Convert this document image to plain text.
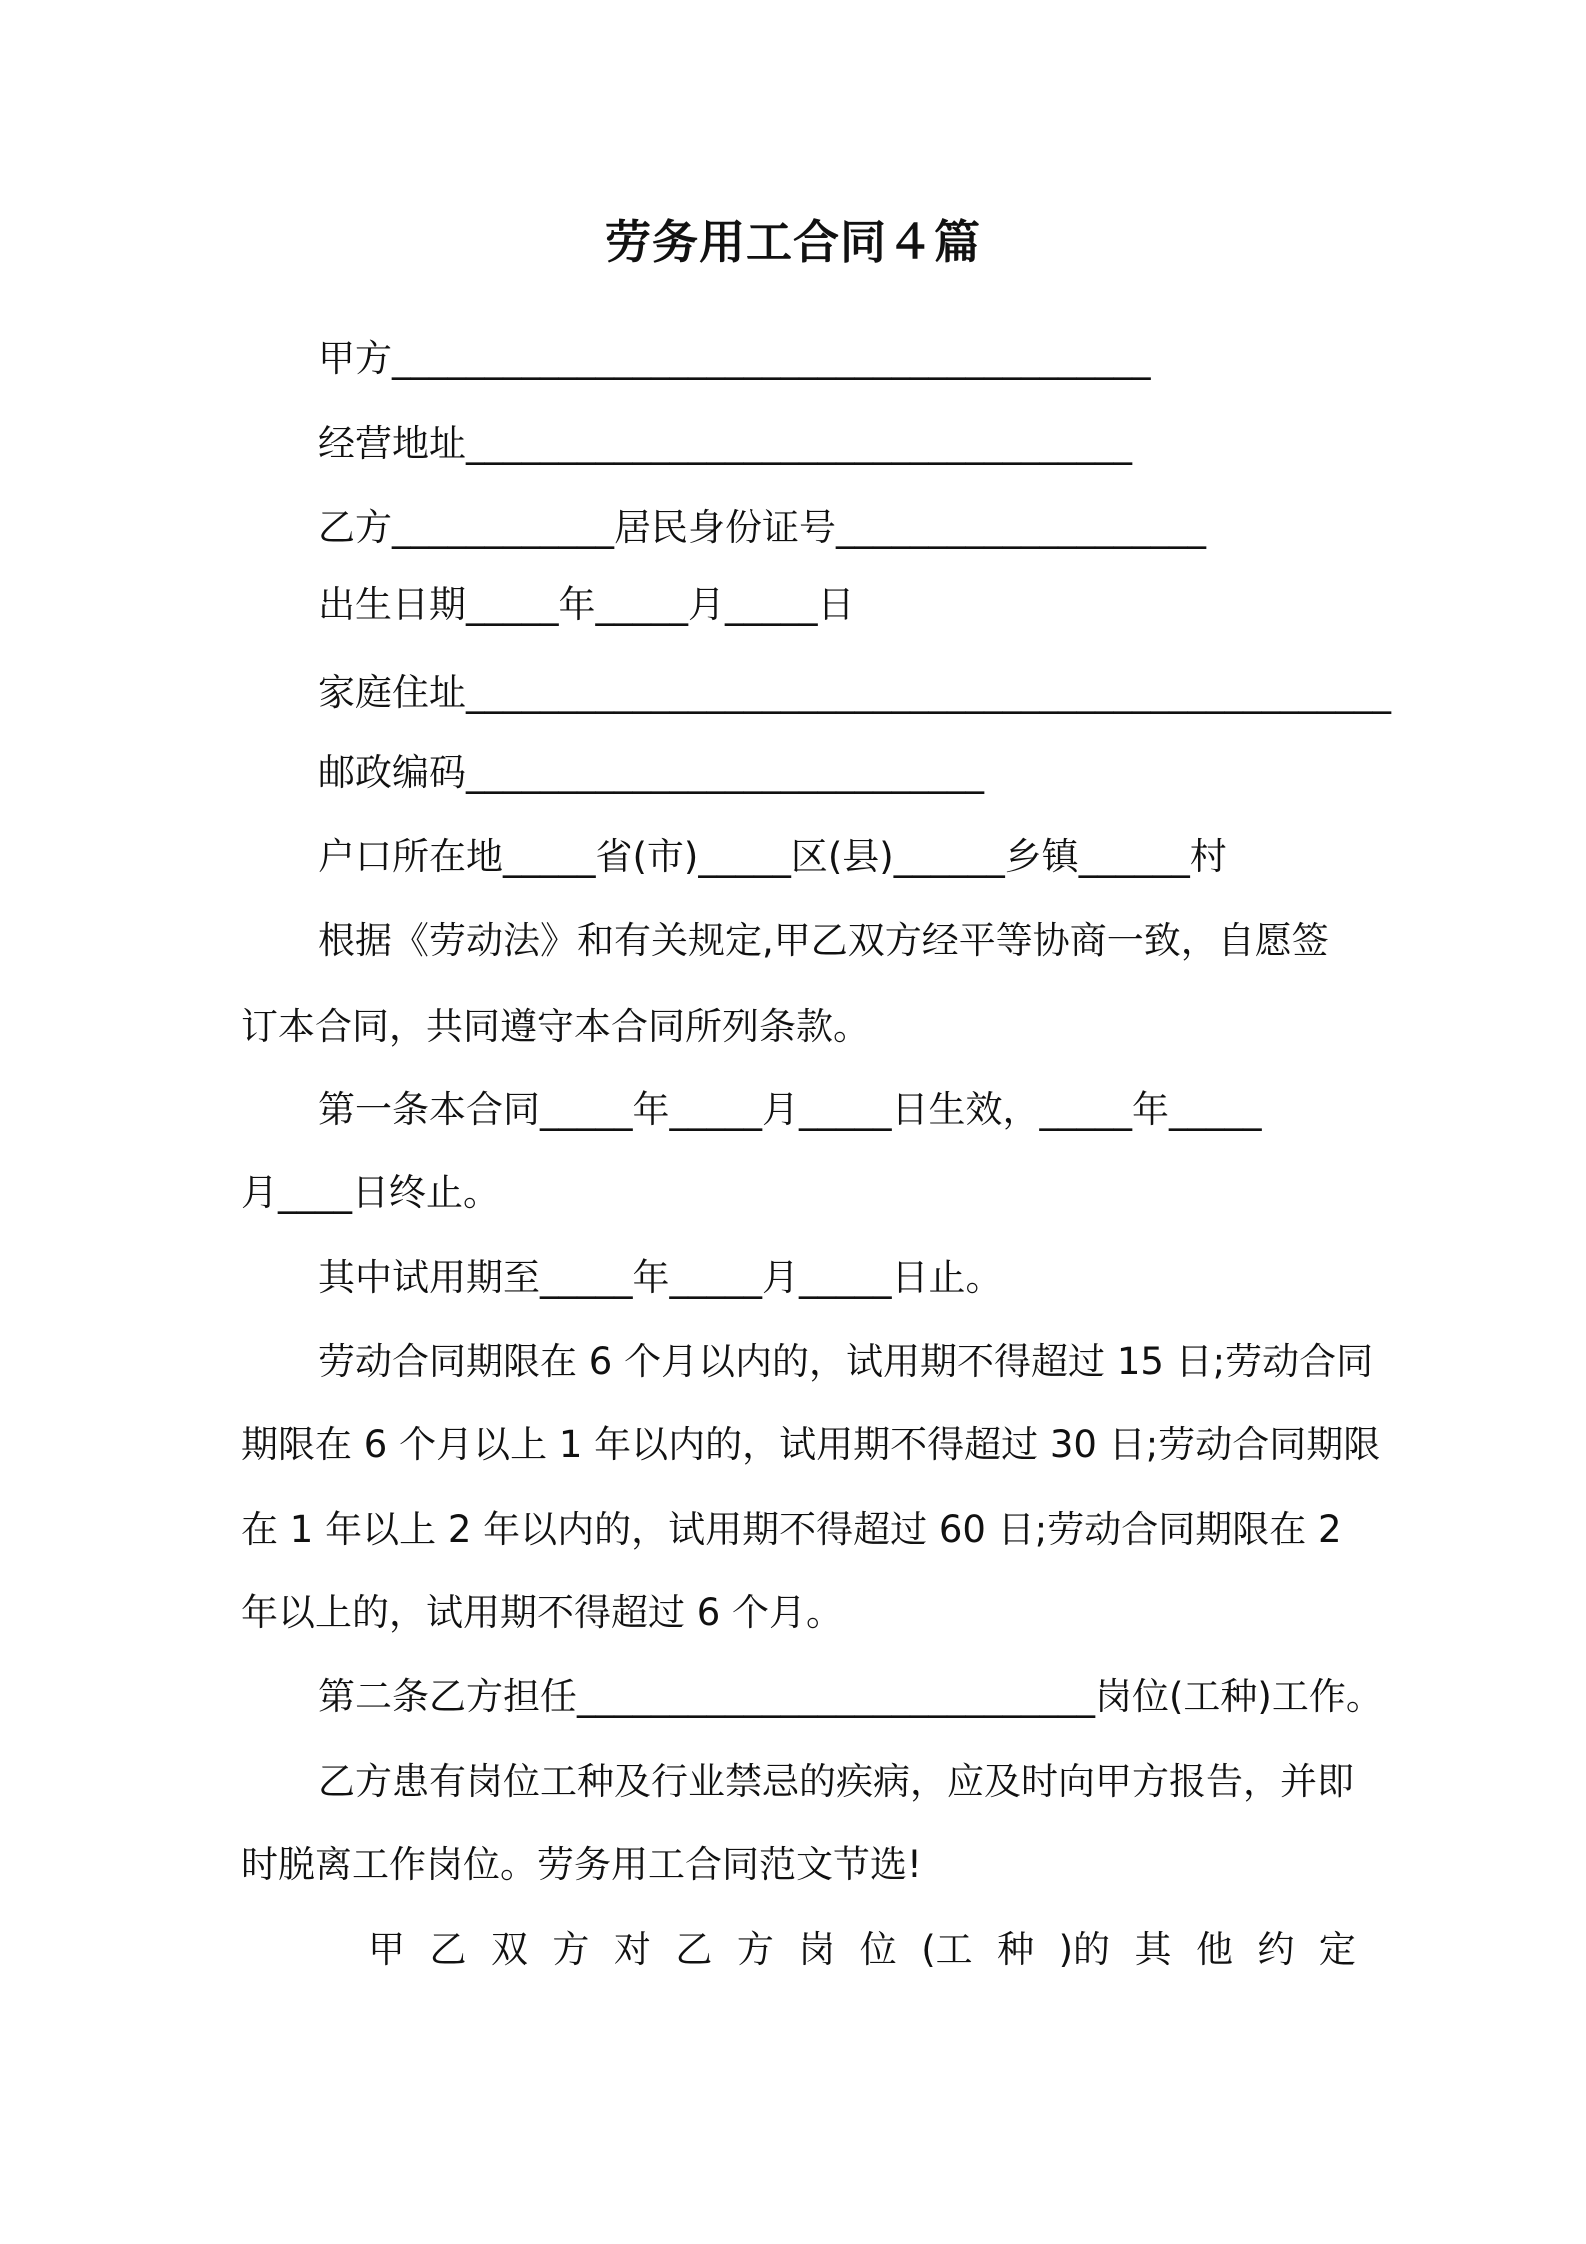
劳务用工合同４篇
甲方_________________________________________
经营地址____________________________________
乙方____________居民身份证号____________________
出生日期_____年_____月_____日
家庭住址__________________________________________________
邮政编码____________________________
户口所在地_____省(市)_____区(县)______乡镇______村
根据《劳动法》和有关规定,甲乙双方经平等协商一致，自愿签
订本合同，共同遵守本合同所列条款。
第一条本合同_____年_____月_____日生效，_____年_____
月____日终止。
其中试用期至_____年_____月_____日止。
劳动合同期限在 6 个月以内的，试用期不得超过 15 日;劳动合同
期限在 6 个月以上 1 年以内的，试用期不得超过 30 日;劳动合同期限
在 1 年以上 2 年以内的，试用期不得超过 60 日;劳动合同期限在 2
年以上的，试用期不得超过 6 个月。
第二条乙方担任____________________________岗位(工种)工作。
乙方患有岗位工种及行业禁忌的疾病，应及时向甲方报告，并即
时脱离工作岗位。劳务用工合同范文节选!
甲 乙 双 方 对 乙 方 岗 位 (工 种 )的 其 他 约 定
